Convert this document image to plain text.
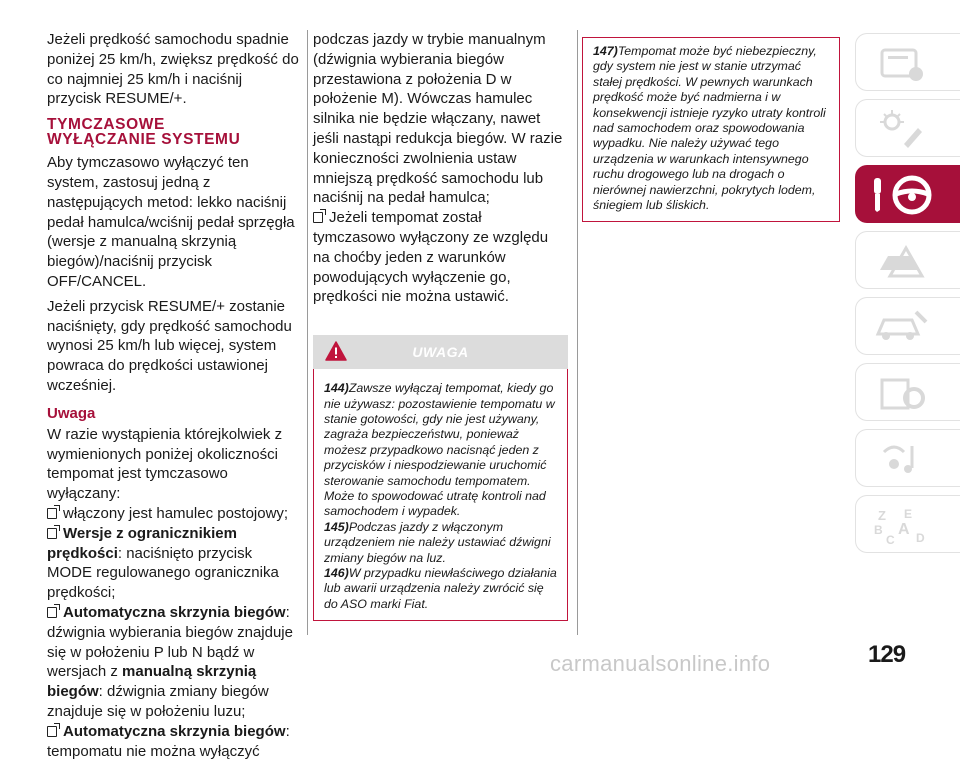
Jeżeli prędkość samochodu spadnie poniżej 25 km/h, zwiększ prędkość do co najmniej 25 km/h i naciśnij przycisk RESUME/+.

TYMCZASOWE
WYŁĄCZANIE SYSTEMU

Aby tymczasowo wyłączyć ten system, zastosuj jedną z następujących metod: lekko naciśnij pedał hamulca/wciśnij pedał sprzęgła (wersje z manualną skrzynią biegów)/naciśnij przycisk OFF/CANCEL.

Jeżeli przycisk RESUME/+ zostanie naciśnięty, gdy prędkość samochodu wynosi 25 km/h lub więcej, system powraca do prędkości ustawionej wcześniej.

Uwaga

W razie wystąpienia którejkolwiek z wymienionych poniżej okoliczności tempomat jest tymczasowo wyłączany:

włączony jest hamulec postojowy;
Wersje z ogranicznikiem prędkości: naciśnięto przycisk MODE regulowanego ogranicznika prędkości;
Automatyczna skrzynia biegów: dźwignia wybierania biegów znajduje się w położeniu P lub N bądź w wersjach z manualną skrzynią biegów: dźwignia zmiany biegów znajduje się w położeniu luzu;
Automatyczna skrzynia biegów: tempomatu nie można wyłączyć

podczas jazdy w trybie manualnym (dźwignia wybierania biegów przestawiona z położenia D w położenie M). Wówczas hamulec silnika nie będzie włączany, nawet jeśli nastąpi redukcja biegów. W razie konieczności zwolnienia ustaw mniejszą prędkość samochodu lub naciśnij na pedał hamulca;

Jeżeli tempomat został tymczasowo wyłączony ze względu na choćby jeden z warunków powodujących wyłączenie go, prędkości nie można ustawić.
UWAGA
144)Zawsze wyłączaj tempomat, kiedy go nie używasz: pozostawienie tempomatu w stanie gotowości, gdy nie jest używany, zagraża bezpieczeństwu, ponieważ możesz przypadkowo nacisnąć jeden z przycisków i niespodziewanie uruchomić sterowanie samochodu tempomatem. Może to spowodować utratę kontroli nad samochodem i wypadek.
145)Podczas jazdy z włączonym urządzeniem nie należy ustawiać dźwigni zmiany biegów na luz.
146)W przypadku niewłaściwego działania lub awarii urządzenia należy zwrócić się do ASO marki Fiat.
147)Tempomat może być niebezpieczny, gdy system nie jest w stanie utrzymać stałej prędkości. W pewnych warunkach prędkość może być nadmierna i w konsekwencji istnieje ryzyko utraty kontroli nad samochodem oraz spowodowania wypadku. Nie należy używać tego urządzenia w warunkach intensywnego ruchu drogowego lub na drogach o nierównej nawierzchni, pokrytych lodem, śniegiem lub śliskich.
Z E
B A
C D
129
carmanualsonline.info
